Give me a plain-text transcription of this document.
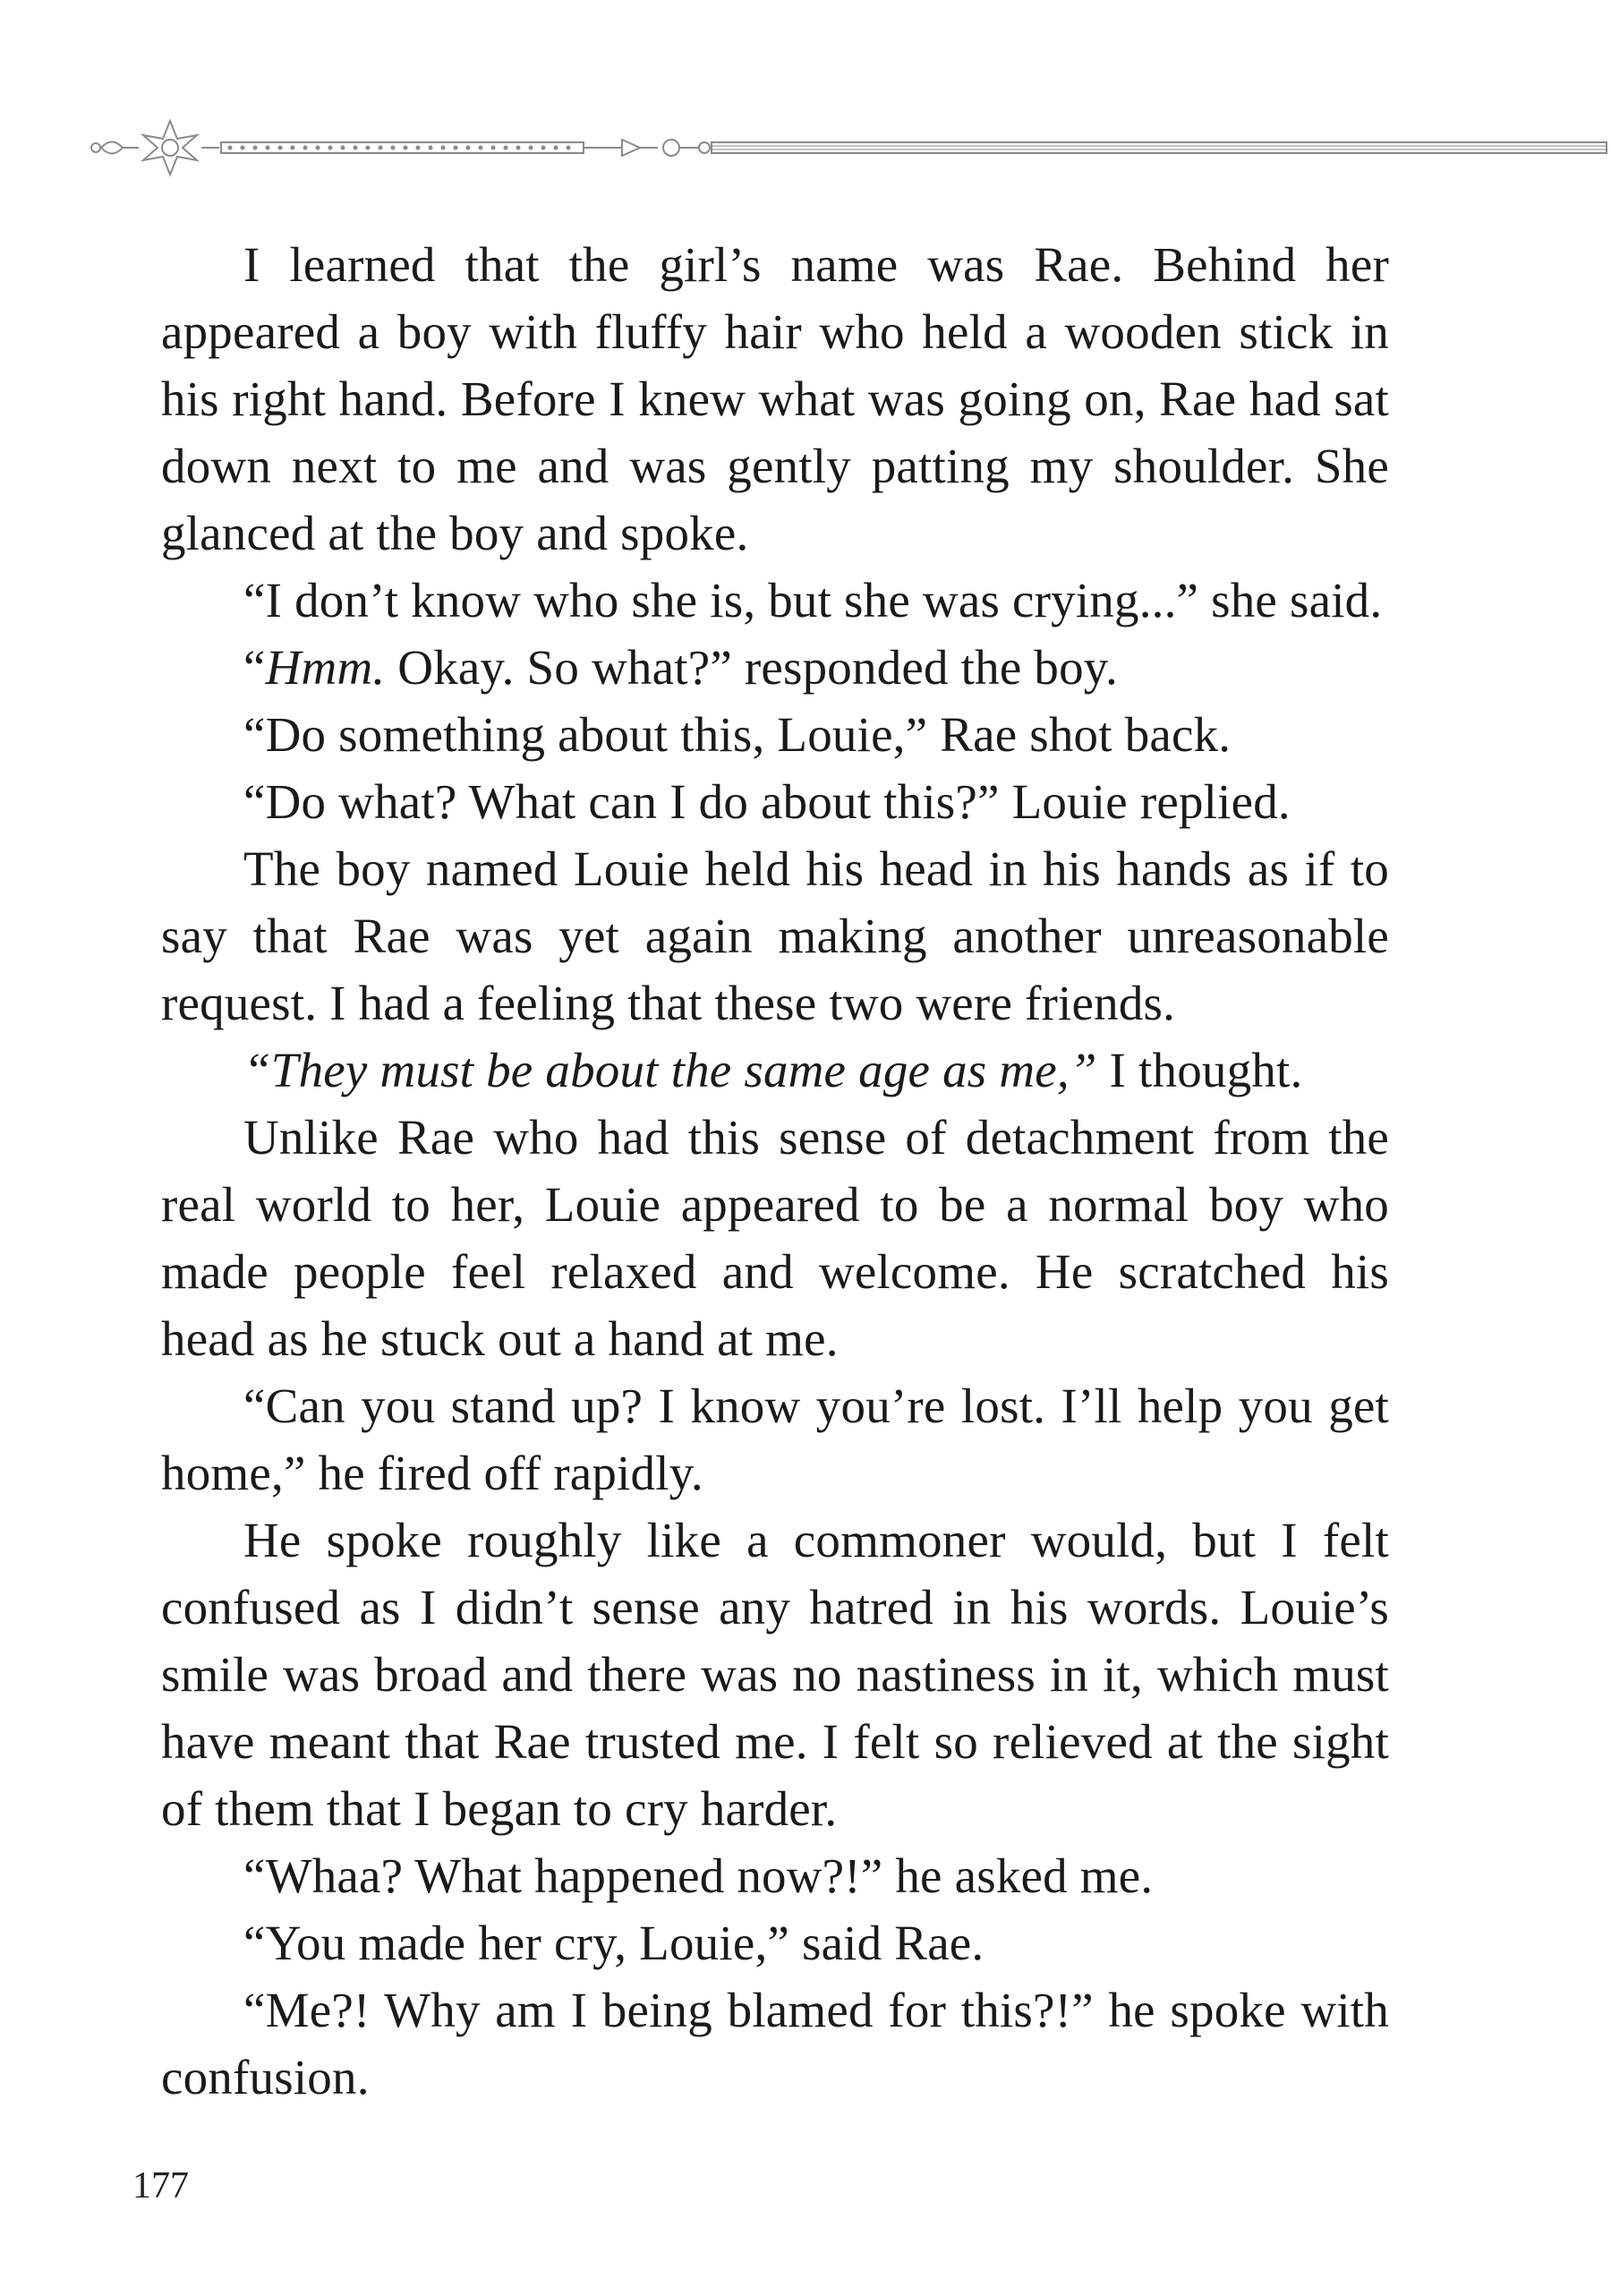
I learned that the girl’s name was Rae. Behind her appeared a boy with fluffy hair who held a wooden stick in his right hand. Before I knew what was going on, Rae had sat down next to me and was gently patting my shoulder. She glanced at the boy and spoke.

“I don’t know who she is, but she was crying...” she said.

“Hmm. Okay. So what?” responded the boy.

“Do something about this, Louie,” Rae shot back.

“Do what? What can I do about this?” Louie replied.

The boy named Louie held his head in his hands as if to say that Rae was yet again making another unreasonable request. I had a feeling that these two were friends.

“They must be about the same age as me,” I thought.

Unlike Rae who had this sense of detachment from the real world to her, Louie appeared to be a normal boy who made people feel relaxed and welcome. He scratched his head as he stuck out a hand at me.

“Can you stand up? I know you’re lost. I’ll help you get home,” he fired off rapidly.

He spoke roughly like a commoner would, but I felt confused as I didn’t sense any hatred in his words. Louie’s smile was broad and there was no nastiness in it, which must have meant that Rae trusted me. I felt so relieved at the sight of them that I began to cry harder.

“Whaa? What happened now?!” he asked me.

“You made her cry, Louie,” said Rae.

“Me?! Why am I being blamed for this?!” he spoke with confusion.

177
